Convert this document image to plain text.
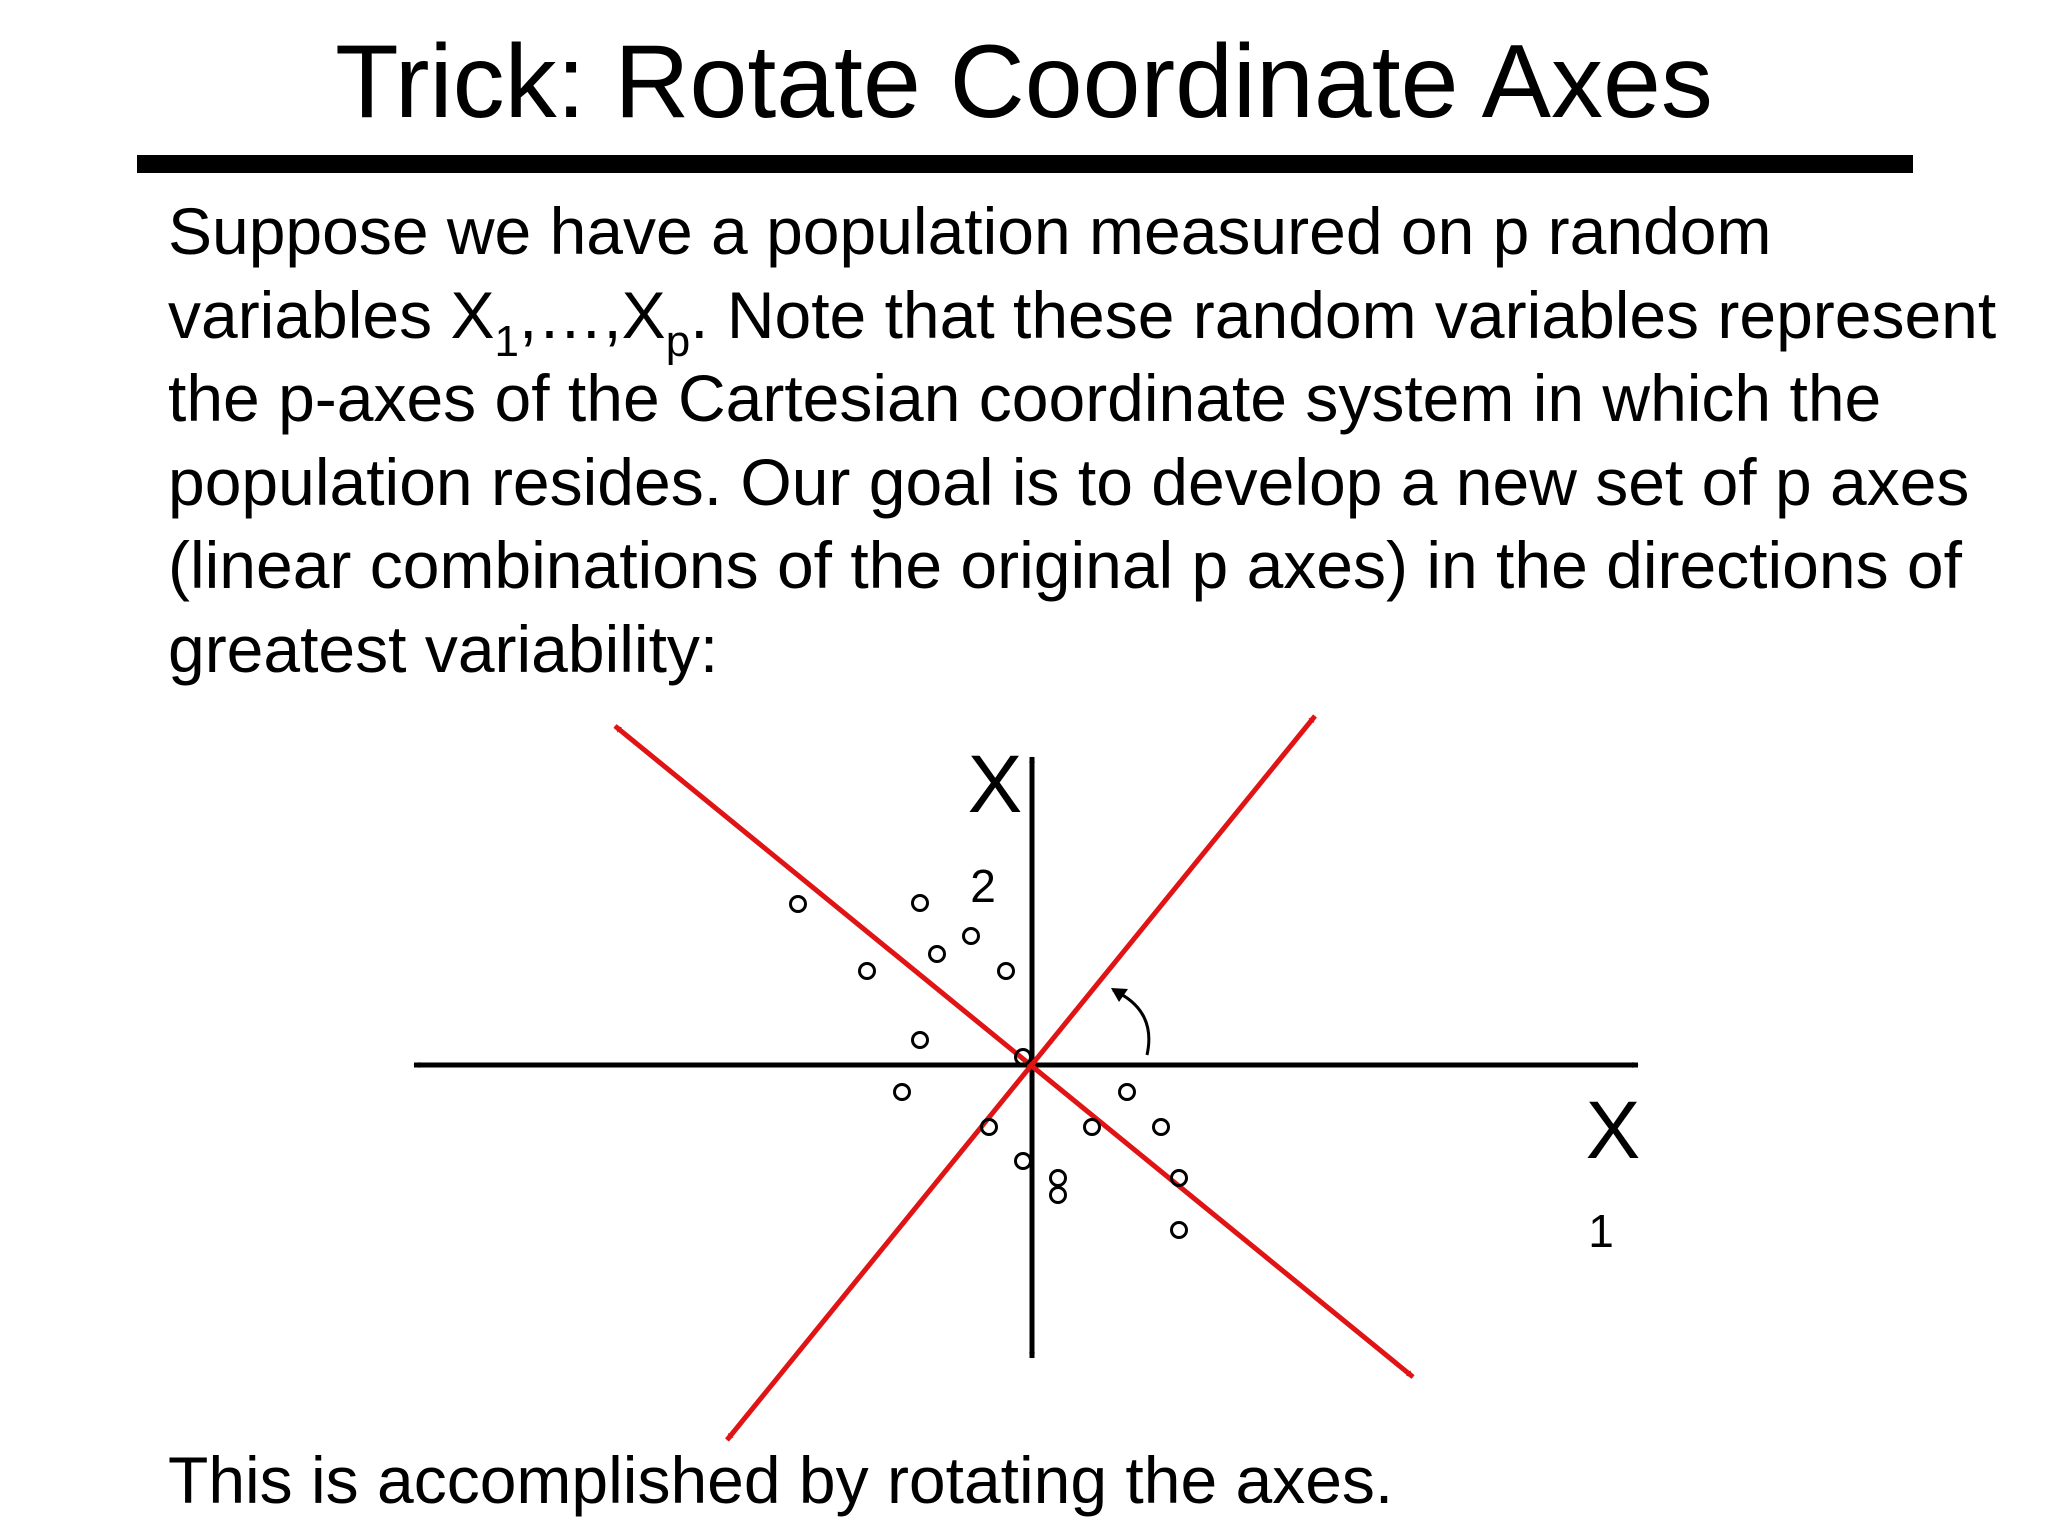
Trick: Rotate Coordinate Axes

Suppose we have a population measured on p random variables $X_1,\dots,X_p$. Note that these random variables represent the p-axes of the Cartesian coordinate system in which the population resides. Our goal is to develop a new set of p axes (linear combinations of the original p axes) in the directions of greatest variability:

X
2
X
1

This is accomplished by rotating the axes.
